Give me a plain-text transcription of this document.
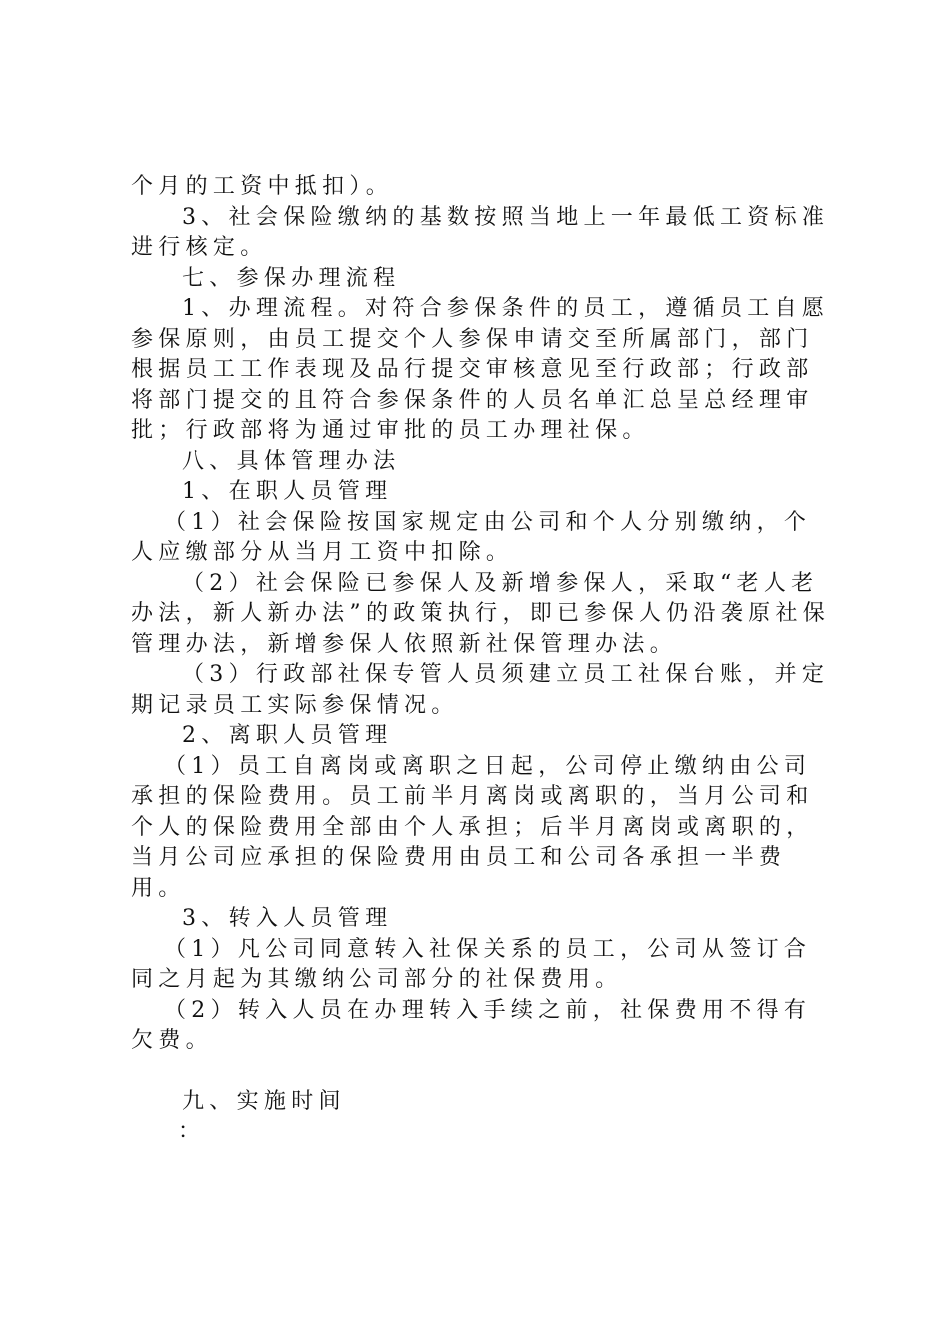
个月的工资中抵扣）。

3、社会保险缴纳的基数按照当地上一年最低工资标准进行核定。

七、参保办理流程

1、办理流程。对符合参保条件的员工，遵循员工自愿参保原则，由员工提交个人参保申请交至所属部门，部门根据员工工作表现及品行提交审核意见至行政部；行政部将部门提交的且符合参保条件的人员名单汇总呈总经理审批；行政部将为通过审批的员工办理社保。

八、具体管理办法

1、在职人员管理

（1）社会保险按国家规定由公司和个人分别缴纳，个人应缴部分从当月工资中扣除。

（2）社会保险已参保人及新增参保人，采取“老人老办法，新人新办法”的政策执行，即已参保人仍沿袭原社保管理办法，新增参保人依照新社保管理办法。

（3）行政部社保专管人员须建立员工社保台账，并定期记录员工实际参保情况。

2、离职人员管理

（1）员工自离岗或离职之日起，公司停止缴纳由公司承担的保险费用。员工前半月离岗或离职的，当月公司和个人的保险费用全部由个人承担；后半月离岗或离职的，当月公司应承担的保险费用由员工和公司各承担一半费用。

3、转入人员管理

（1）凡公司同意转入社保关系的员工，公司从签订合同之月起为其缴纳公司部分的社保费用。

（2）转入人员在办理转入手续之前，社保费用不得有欠费。

九、实施时间

：
